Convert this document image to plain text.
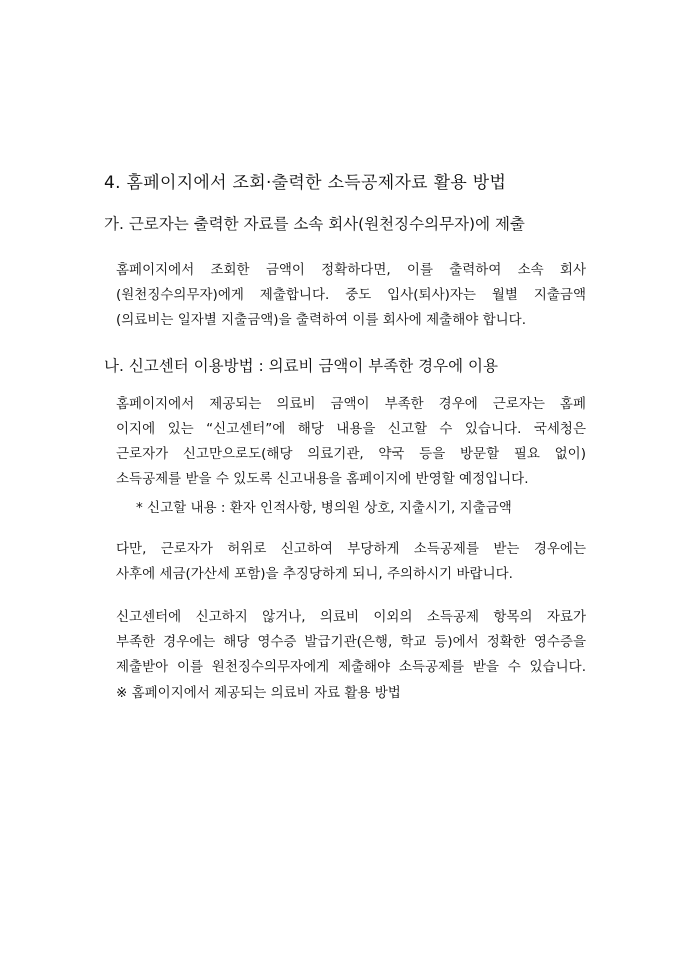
4. 홈페이지에서 조회·출력한 소득공제자료 활용 방법
가. 근로자는 출력한 자료를 소속 회사(원천징수의무자)에 제출
홈페이지에서 조회한 금액이 정확하다면, 이를 출력하여 소속 회사
(원천징수의무자)에게 제출합니다. 중도 입사(퇴사)자는 월별 지출금액
(의료비는 일자별 지출금액)을 출력하여 이를 회사에 제출해야 합니다.
나. 신고센터 이용방법 : 의료비 금액이 부족한 경우에 이용
홈페이지에서 제공되는 의료비 금액이 부족한 경우에 근로자는 홈페
이지에 있는 “신고센터”에 해당 내용을 신고할 수 있습니다. 국세청은
근로자가 신고만으로도(해당 의료기관, 약국 등을 방문할 필요 없이)
소득공제를 받을 수 있도록 신고내용을 홈페이지에 반영할 예정입니다.
* 신고할 내용 : 환자 인적사항, 병의원 상호, 지출시기, 지출금액
다만, 근로자가 허위로 신고하여 부당하게 소득공제를 받는 경우에는
사후에 세금(가산세 포함)을 추징당하게 되니, 주의하시기 바랍니다.
신고센터에 신고하지 않거나, 의료비 이외의 소득공제 항목의 자료가
부족한 경우에는 해당 영수증 발급기관(은행, 학교 등)에서 정확한 영수증을
제출받아 이를 원천징수의무자에게 제출해야 소득공제를 받을 수 있습니다.
※ 홈페이지에서 제공되는 의료비 자료 활용 방법
